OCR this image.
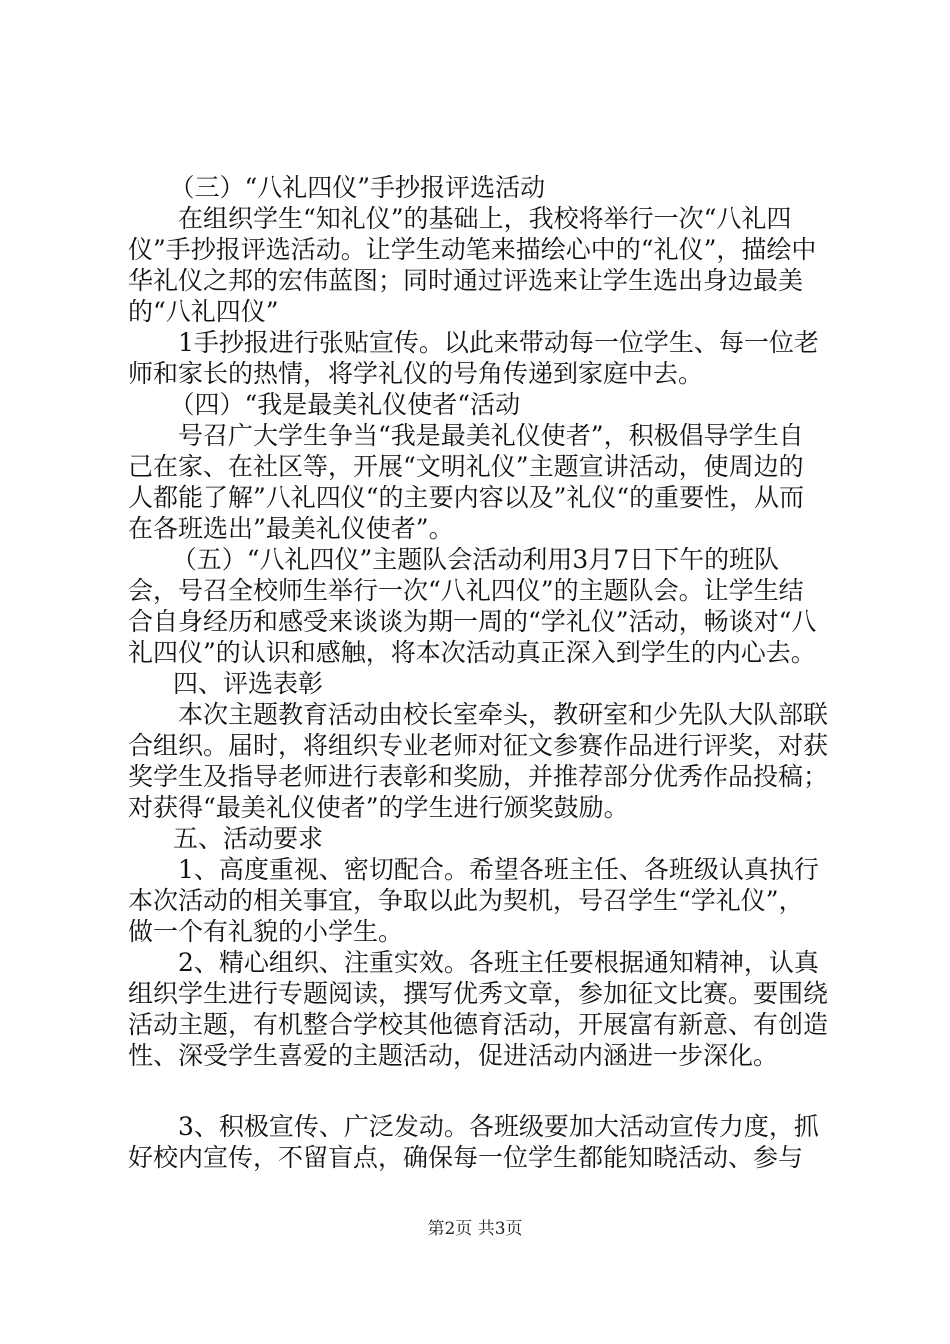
（三）“八礼四仪”手抄报评选活动

在组织学生“知礼仪”的基础上，我校将举行一次“八礼四仪”手抄报评选活动。让学生动笔来描绘心中的“礼仪”，描绘中华礼仪之邦的宏伟蓝图；同时通过评选来让学生选出身边最美的“八礼四仪”

1手抄报进行张贴宣传。以此来带动每一位学生、每一位老师和家长的热情，将学礼仪的号角传递到家庭中去。

（四）“我是最美礼仪使者“活动

号召广大学生争当“我是最美礼仪使者”，积极倡导学生自己在家、在社区等，开展“文明礼仪”主题宣讲活动，使周边的人都能了解”八礼四仪“的主要内容以及”礼仪“的重要性，从而在各班选出”最美礼仪使者”。

（五）“八礼四仪”主题队会活动利用3月7日下午的班队会，号召全校师生举行一次“八礼四仪”的主题队会。让学生结合自身经历和感受来谈谈为期一周的“学礼仪”活动，畅谈对“八礼四仪”的认识和感触，将本次活动真正深入到学生的内心去。

四、评选表彰

本次主题教育活动由校长室牵头，教研室和少先队大队部联合组织。届时，将组织专业老师对征文参赛作品进行评奖，对获奖学生及指导老师进行表彰和奖励，并推荐部分优秀作品投稿；对获得“最美礼仪使者”的学生进行颁奖鼓励。

五、活动要求

1、高度重视、密切配合。希望各班主任、各班级认真执行本次活动的相关事宜，争取以此为契机，号召学生“学礼仪”，做一个有礼貌的小学生。

2、精心组织、注重实效。各班主任要根据通知精神，认真组织学生进行专题阅读，撰写优秀文章，参加征文比赛。要围绕活动主题，有机整合学校其他德育活动，开展富有新意、有创造性、深受学生喜爱的主题活动，促进活动内涵进一步深化。

3、积极宣传、广泛发动。各班级要加大活动宣传力度，抓好校内宣传，不留盲点，确保每一位学生都能知晓活动、参与

第2页 共3页
